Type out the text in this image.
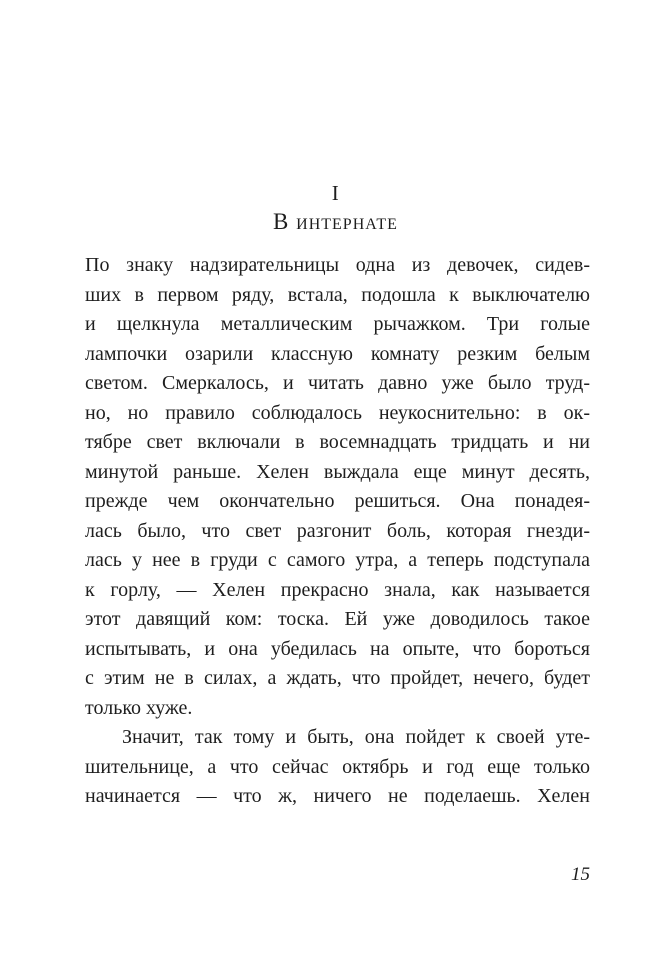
I
В интернате
По знаку надзирательницы одна из девочек, сидев-
ших в первом ряду, встала, подошла к выключателю
и щелкнула металлическим рычажком. Три голые
лампочки озарили классную комнату резким белым
светом. Смеркалось, и читать давно уже было труд-
но, но правило соблюдалось неукоснительно: в ок-
тябре свет включали в восемнадцать тридцать и ни
минутой раньше. Хелен выждала еще минут десять,
прежде чем окончательно решиться. Она понадея-
лась было, что свет разгонит боль, которая гнезди-
лась у нее в груди с самого утра, а теперь подступала
к горлу, — Хелен прекрасно знала, как называется
этот давящий ком: тоска. Ей уже доводилось такое
испытывать, и она убедилась на опыте, что бороться
с этим не в силах, а ждать, что пройдет, нечего, будет
только хуже.
Значит, так тому и быть, она пойдет к своей уте-
шительнице, а что сейчас октябрь и год еще только
начинается — что ж, ничего не поделаешь. Хелен
15
